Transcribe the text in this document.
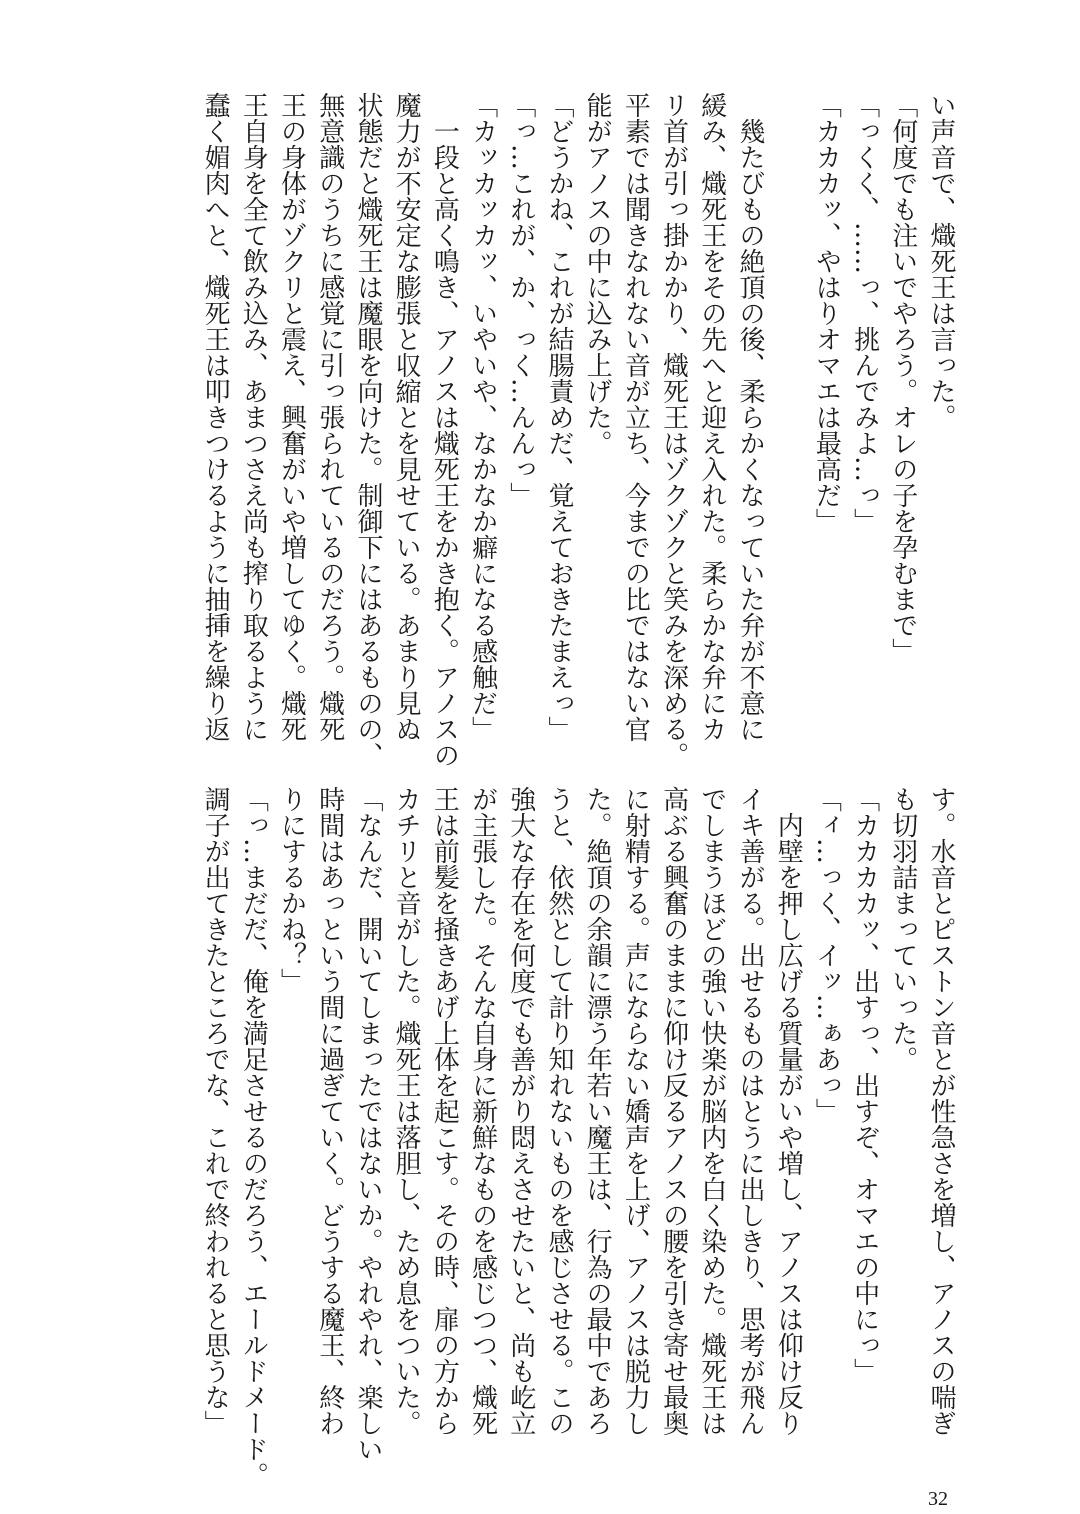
い声音で、熾死王は言った。
「何度でも注いでやろう。オレの子を孕むまで」
「っくく、……っ、挑んでみよ…っ」
「カカカッ、やはりオマエは最高だ」
　幾たびもの絶頂の後、柔らかくなっていた弁が不意に
緩み、熾死王をその先へと迎え入れた。柔らかな弁にカ
リ首が引っ掛かかり、熾死王はゾクゾクと笑みを深める。
平素では聞きなれない音が立ち、今までの比ではない官
能がアノスの中に込み上げた。
「どうかね、これが結腸責めだ、覚えておきたまえっ」
「っ…これが、か、っく…んんっ」
「カッカッカッ、いやいや、なかなか癖になる感触だ」
　一段と高く鳴き、アノスは熾死王をかき抱く。アノスの
魔力が不安定な膨張と収縮とを見せている。あまり見ぬ
状態だと熾死王は魔眼を向けた。制御下にはあるものの、
無意識のうちに感覚に引っ張られているのだろう。熾死
王の身体がゾクリと震え、興奮がいや増してゆく。熾死
王自身を全て飲み込み、あまつさえ尚も搾り取るように
蠢く媚肉へと、熾死王は叩きつけるように抽挿を繰り返
す。水音とピストン音とが性急さを増し、アノスの喘ぎ
も切羽詰まっていった。
「カカカカッ、出すっ、出すぞ、オマエの中にっ」
「ィ…っく、イッ…ぁあっ」
　内壁を押し広げる質量がいや増し、アノスは仰け反り
イキ善がる。出せるものはとうに出しきり、思考が飛ん
でしまうほどの強い快楽が脳内を白く染めた。熾死王は
高ぶる興奮のままに仰け反るアノスの腰を引き寄せ最奥
に射精する。声にならない嬌声を上げ、アノスは脱力し
た。絶頂の余韻に漂う年若い魔王は、行為の最中であろ
うと、依然として計り知れないものを感じさせる。この
強大な存在を何度でも善がり悶えさせたいと、尚も屹立
が主張した。そんな自身に新鮮なものを感じつつ、熾死
王は前髪を掻きあげ上体を起こす。その時、扉の方から
カチリと音がした。熾死王は落胆し、ため息をついた。
「なんだ、開いてしまったではないか。やれやれ、楽しい
時間はあっという間に過ぎていく。どうする魔王、終わ
りにするかね？」
「っ…まだだ、俺を満足させるのだろう、エールドメード。
調子が出てきたところでな、これで終われると思うな」
32
